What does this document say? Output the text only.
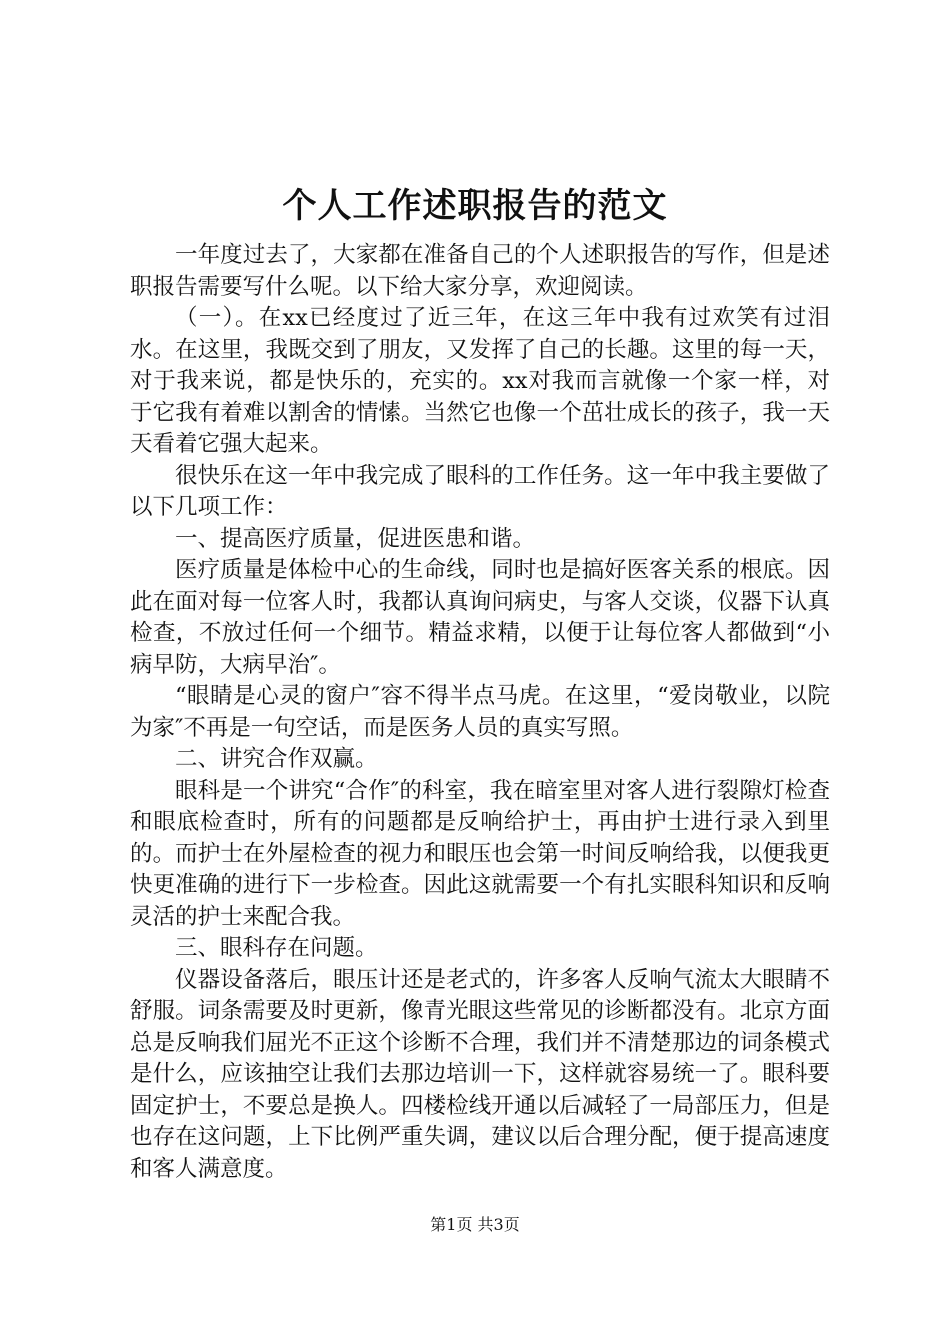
个人工作述职报告的范文

一年度过去了，大家都在准备自己的个人述职报告的写作，但是述职报告需要写什么呢。以下给大家分享，欢迎阅读。

（一）。在xx已经度过了近三年，在这三年中我有过欢笑有过泪水。在这里，我既交到了朋友，又发挥了自己的长趣。这里的每一天，对于我来说，都是快乐的，充实的。xx对我而言就像一个家一样，对于它我有着难以割舍的情愫。当然它也像一个茁壮成长的孩子，我一天天看着它强大起来。

很快乐在这一年中我完成了眼科的工作任务。这一年中我主要做了以下几项工作：

一、提高医疗质量，促进医患和谐。

医疗质量是体检中心的生命线，同时也是搞好医客关系的根底。因此在面对每一位客人时，我都认真询问病史，与客人交谈，仪器下认真检查，不放过任何一个细节。精益求精，以便于让每位客人都做到“小病早防，大病早治″。

“眼睛是心灵的窗户″容不得半点马虎。在这里，“爱岗敬业，以院为家″不再是一句空话，而是医务人员的真实写照。

二、讲究合作双赢。

眼科是一个讲究“合作″的科室，我在暗室里对客人进行裂隙灯检查和眼底检查时，所有的问题都是反响给护士，再由护士进行录入到里的。而护士在外屋检查的视力和眼压也会第一时间反响给我，以便我更快更准确的进行下一步检查。因此这就需要一个有扎实眼科知识和反响灵活的护士来配合我。

三、眼科存在问题。

仪器设备落后，眼压计还是老式的，许多客人反响气流太大眼睛不舒服。词条需要及时更新，像青光眼这些常见的诊断都没有。北京方面总是反响我们屈光不正这个诊断不合理，我们并不清楚那边的词条模式是什么，应该抽空让我们去那边培训一下，这样就容易统一了。眼科要固定护士，不要总是换人。四楼检线开通以后减轻了一局部压力，但是也存在这问题，上下比例严重失调，建议以后合理分配，便于提高速度和客人满意度。

第1页 共3页
